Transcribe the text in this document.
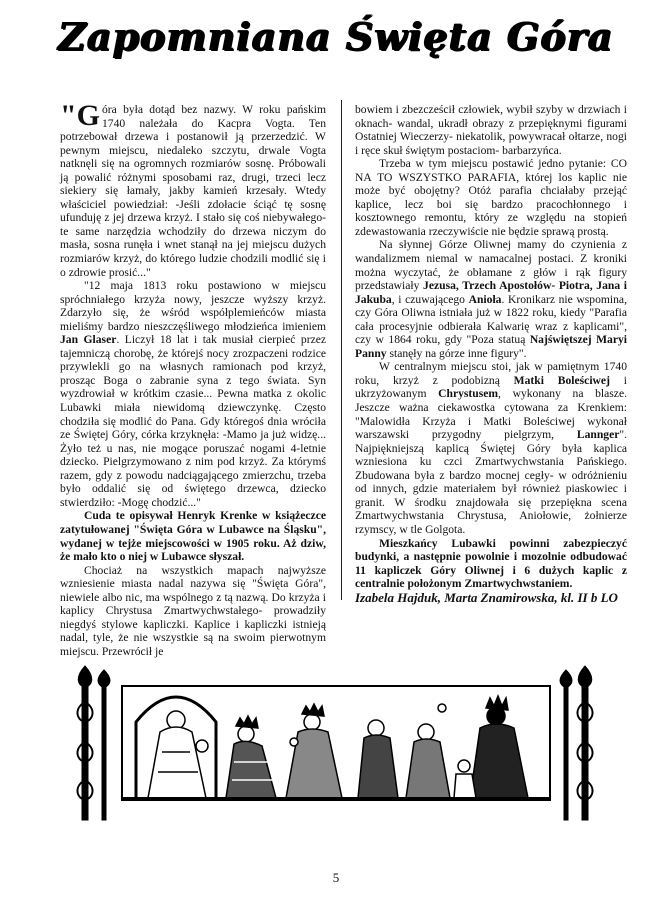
Zapomniana Święta Góra

"G óra była dotąd bez nazwy. W roku pańskim 1740 należała do Kacpra Vogta. Ten potrzebował drzewa i postanowił ją przerzedzić. W pewnym miejscu, niedaleko szczytu, drwale Vogta natknęli się na ogromnych rozmiarów sosnę. Próbowali ją powalić różnymi sposobami raz, drugi, trzeci lecz siekiery się łamały, jakby kamień krzesały. Wtedy właściciel powiedział: -Jeśli zdołacie ściąć tę sosnę ufunduję z jej drzewa krzyż. I stało się coś niebywałego- te same narzędzia wchodziły do drzewa niczym do masła, sosna runęła i wnet stanął na jej miejscu dużych rozmiarów krzyż, do którego ludzie chodzili modlić się i o zdrowie prosić..."

"12 maja 1813 roku postawiono w miejscu spróchniałego krzyża nowy, jeszcze wyższy krzyż. Zdarzyło się, że wśród współplemieńców miasta mieliśmy bardzo nieszczęśliwego młodzieńca imieniem Jan Glaser. Liczył 18 lat i tak musiał cierpieć przez tajemniczą chorobę, że którejś nocy zrozpaczeni rodzice przywlekli go na własnych ramionach pod krzyż, prosząc Boga o zabranie syna z tego świata. Syn wyzdrowiał w krótkim czasie... Pewna matka z okolic Lubawki miała niewidomą dziewczynkę. Często chodziła się modlić do Pana. Gdy któregoś dnia wróciła ze Świętej Góry, córka krzyknęła: -Mamo ja już widzę... Żyło też u nas, nie mogące poruszać nogami 4-letnie dziecko. Pielgrzymowano z nim pod krzyż. Za którymś razem, gdy z powodu nadciągającego zmierzchu, trzeba było oddalić się od świętego drzewca, dziecko stwierdziło: -Mogę chodzić..."

Cuda te opisywał Henryk Krenke w książeczce zatytułowanej "Święta Góra w Lubawce na Śląsku", wydanej w tejże miejscowości w 1905 roku. Aż dziw, że mało kto o niej w Lubawce słyszał.

Chociaż na wszystkich mapach najwyższe wzniesienie miasta nadal nazywa się "Święta Góra", niewiele albo nic, ma wspólnego z tą nazwą. Do krzyża i kaplicy Chrystusa Zmartwychwstałego- prowadziły niegdyś stylowe kapliczki. Kaplice i kapliczki istnieją nadal, tyle, że nie wszystkie są na swoim pierwotnym miejscu. Przewrócił je

bowiem i zbezcześcił człowiek, wybił szyby w drzwiach i oknach- wandal, ukradł obrazy z przepięknymi figurami Ostatniej Wieczerzy- niekatolik, powywracał ołtarze, nogi i ręce skuł świętym postaciom- barbarzyńca.

Trzeba w tym miejscu postawić jedno pytanie: CO NA TO WSZYSTKO PARAFIA, której los kaplic nie może być obojętny? Otóż parafia chciałaby przejąć kaplice, lecz boi się bardzo pracochłonnego i kosztownego remontu, który ze względu na stopień zdewastowania rzeczywiście nie będzie sprawą prostą.

Na słynnej Górze Oliwnej mamy do czynienia z wandalizmem niemal w namacalnej postaci. Z kroniki można wyczytać, że obłamane z głów i rąk figury przedstawiały Jezusa, Trzech Apostołów- Piotra, Jana i Jakuba, i czuwającego Anioła. Kronikarz nie wspomina, czy Góra Oliwna istniała już w 1822 roku, kiedy "Parafia cała procesyjnie odbierała Kalwarię wraz z kaplicami", czy w 1864 roku, gdy "Poza statuą Najświętszej Maryi Panny stanęły na górze inne figury".

W centralnym miejscu stoi, jak w pamiętnym 1740 roku, krzyż z podobizną Matki Boleściwej i ukrzyżowanym Chrystusem, wykonany na blasze. Jeszcze ważna ciekawostka cytowana za Krenkiem: "Malowidła Krzyża i Matki Boleściwej wykonał warszawski przygodny pielgrzym, Lannger". Najpiękniejszą kaplicą Świętej Góry była kaplica wzniesiona ku czci Zmartwychwstania Pańskiego. Zbudowana była z bardzo mocnej cegły- w odróżnieniu od innych, gdzie materiałem był również piaskowiec i granit. W środku znajdowała się przepiękna scena Zmartwychwstania Chrystusa, Aniołowie, żołnierze rzymscy, w tle Golgota.

Mieszkańcy Lubawki powinni zabezpieczyć budynki, a następnie powolnie i mozolnie odbudować 11 kapliczek Góry Oliwnej i 6 dużych kaplic z centralnie położonym Zmartwychwstaniem.

Izabela Hajduk, Marta Znamirowska, kl. II b LO

5
